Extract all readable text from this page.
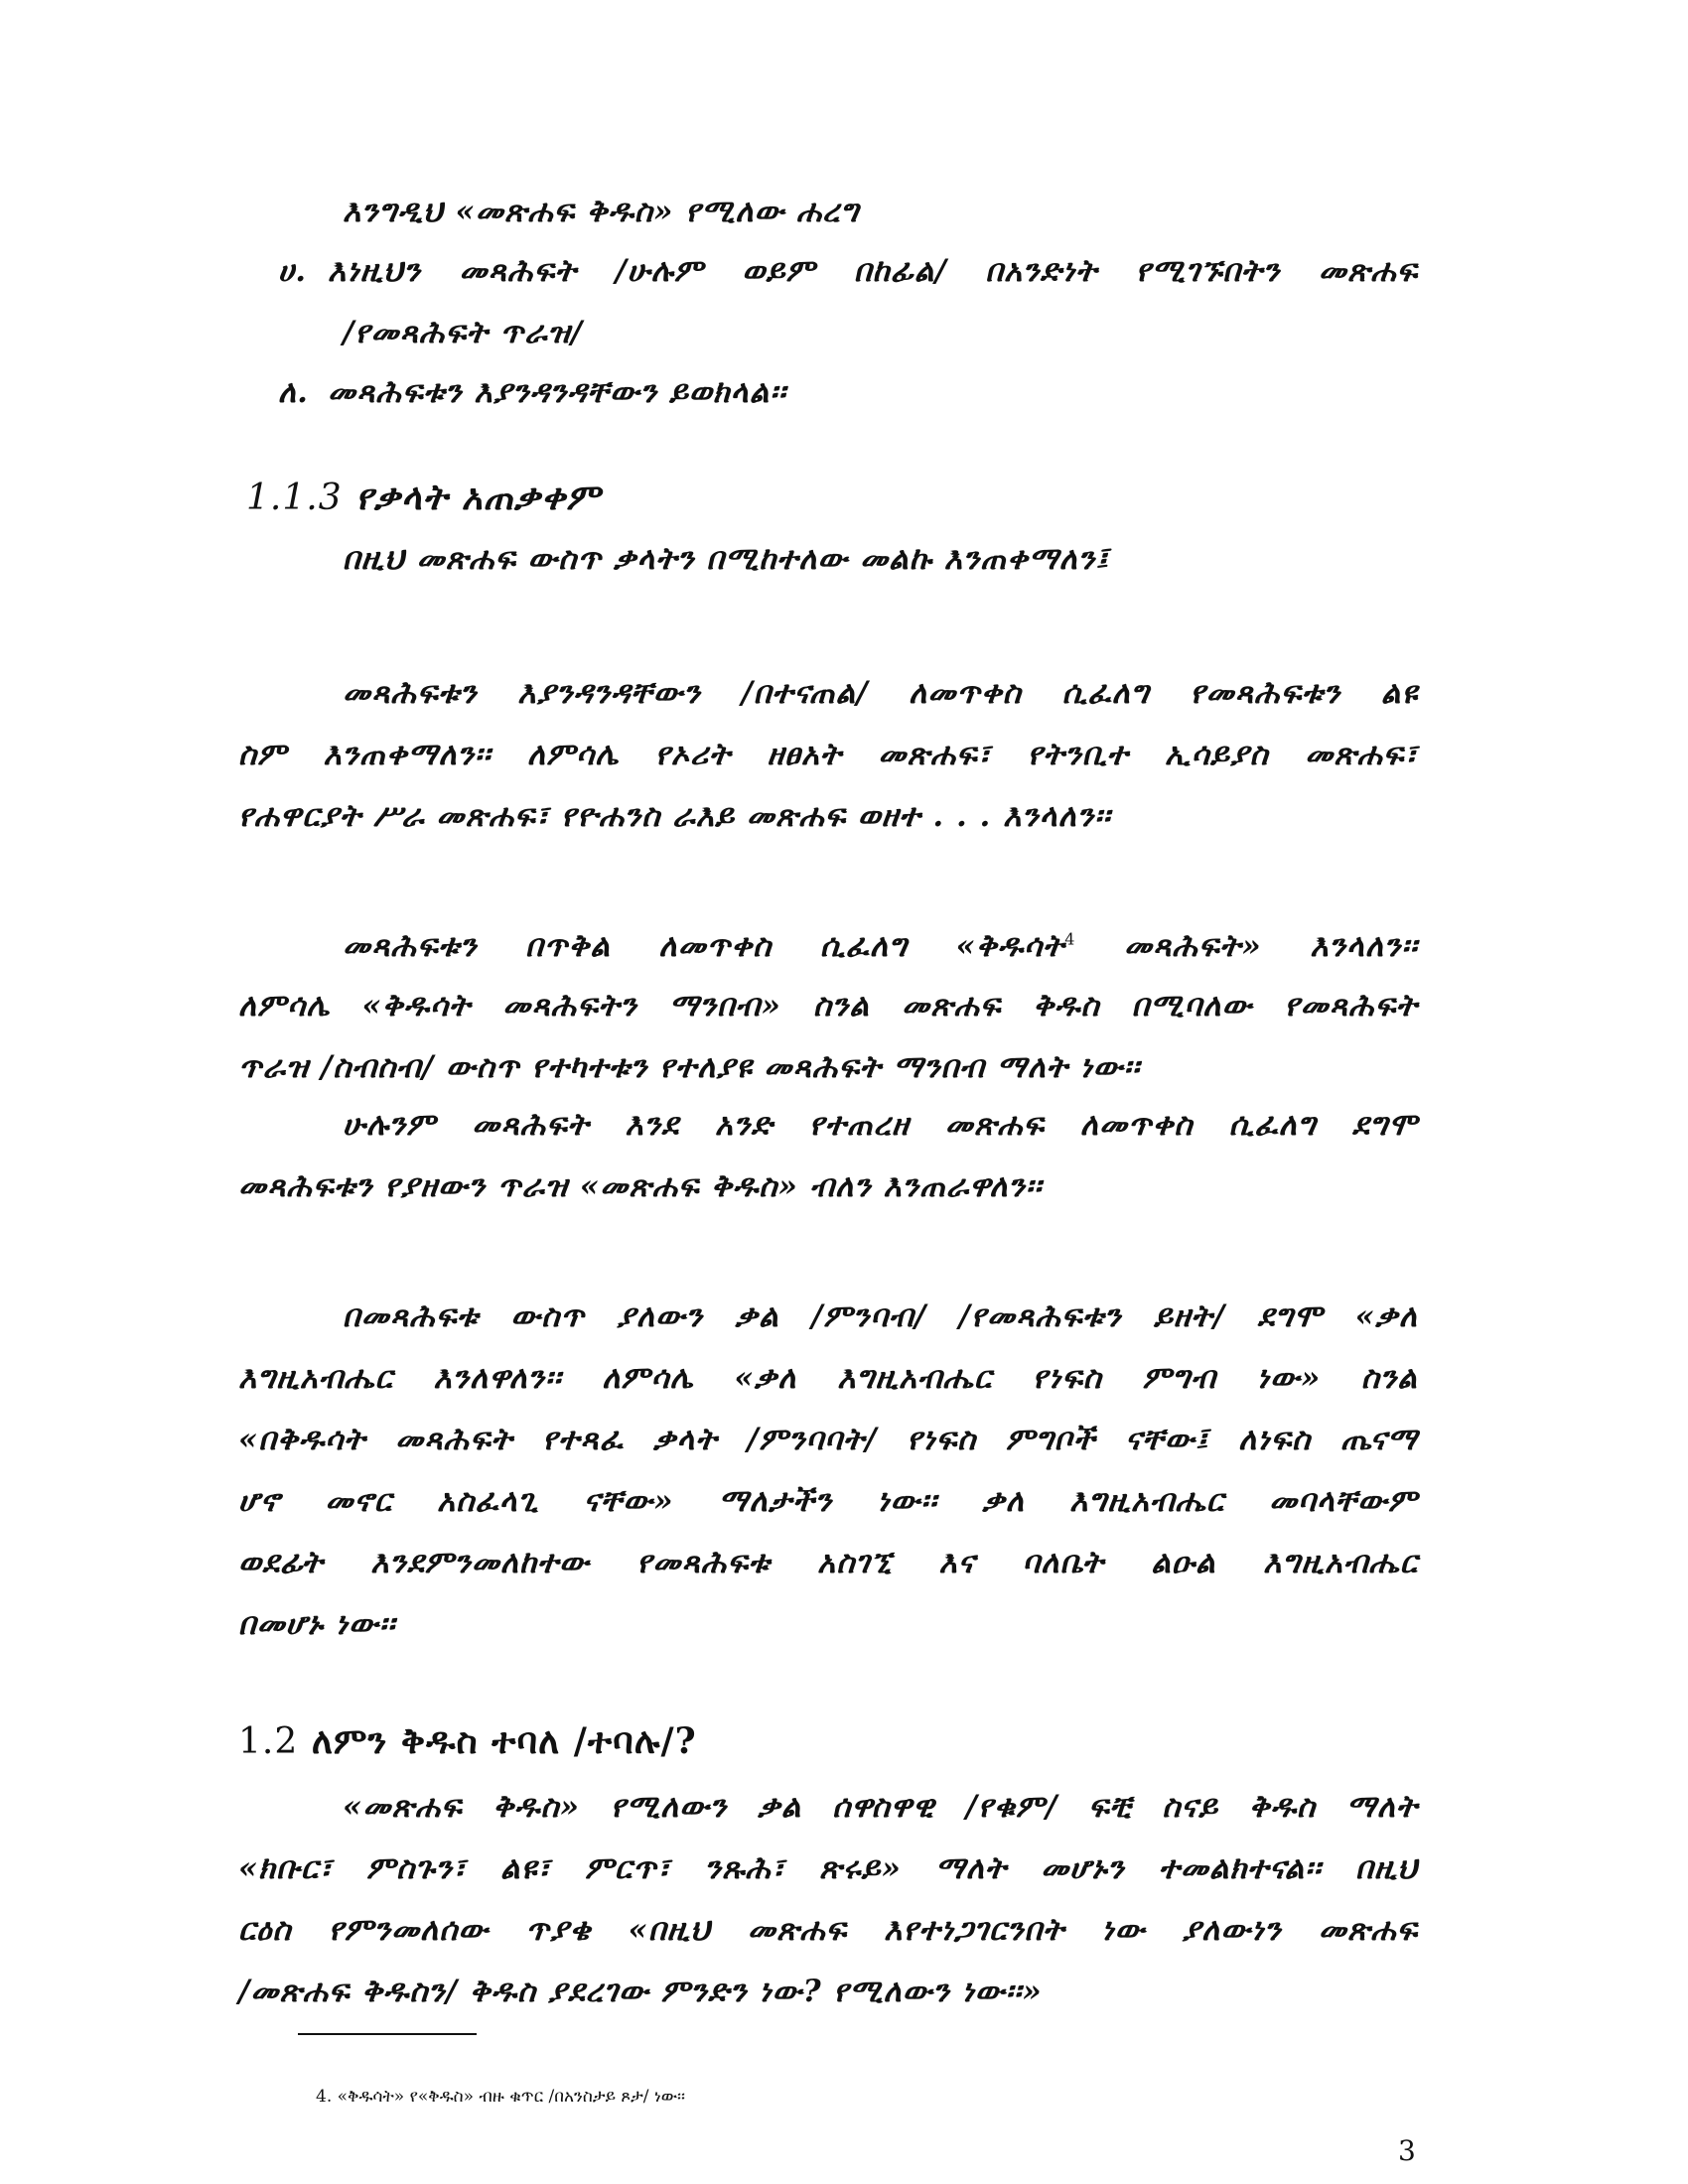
እንግዲህ «መጽሐፍ ቅዱስ» የሚለው ሐረግ

ሀ. እነዚህን መጻሕፍት /ሁሉም ወይም በከፊል/ በአንድነት የሚገኙበትን መጽሐፍ

/የመጻሕፍት ጥራዝ/

ለ. መጻሕፍቱን እያንዳንዳቸውን ይወክላል፡፡

1.1.3 የቃላት አጠቃቀም

በዚህ መጽሐፍ ውስጥ ቃላትን በሚከተለው መልኩ እንጠቀማለን፤

መጻሕፍቱን እያንዳንዳቸውን /በተናጠል/ ለመጥቀስ ሲፈለግ የመጻሕፍቱን ልዩ

ስም እንጠቀማለን፡፡ ለምሳሌ የኦሪት ዘፀአት መጽሐፍ፣ የትንቢተ ኢሳይያስ መጽሐፍ፣

የሐዋርያት ሥራ መጽሐፍ፣ የዮሐንስ ራእይ መጽሐፍ ወዘተ . . . እንላለን፡፡

መጻሕፍቱን በጥቅል ለመጥቀስ ሲፈለግ «ቅዱሳት$^4$ መጻሕፍት» እንላለን፡፡

ለምሳሌ «ቅዱሳት መጻሕፍትን ማንበብ» ስንል መጽሐፍ ቅዱስ በሚባለው የመጻሕፍት

ጥራዝ /ስብስብ/ ውስጥ የተካተቱን የተለያዩ መጻሕፍት ማንበብ ማለት ነው፡፡

ሁሉንም መጻሕፍት እንደ አንድ የተጠረዘ መጽሐፍ ለመጥቀስ ሲፈለግ ደግሞ

መጻሕፍቱን የያዘውን ጥራዝ «መጽሐፍ ቅዱስ» ብለን እንጠራዋለን፡፡

በመጻሕፍቱ ውስጥ ያለውን ቃል /ምንባብ/ /የመጻሕፍቱን ይዘት/ ደግሞ «ቃለ

እግዚአብሔር እንለዋለን፡፡ ለምሳሌ «ቃለ እግዚአብሔር የነፍስ ምግብ ነው» ስንል

«በቅዱሳት መጻሕፍት የተጻፈ ቃላት /ምንባባት/ የነፍስ ምግቦች ናቸው፤ ለነፍስ ጤናማ

ሆኖ መኖር አስፈላጊ ናቸው» ማለታችን ነው፡፡ ቃለ እግዚአብሔር መባላቸውም

ወደፊት እንደምንመለከተው የመጻሕፍቱ አስገኚ እና ባለቤት ልዑል እግዚአብሔር

በመሆኑ ነው፡፡

1.2 ለምን ቅዱስ ተባለ /ተባሉ/?

«መጽሐፍ ቅዱስ» የሚለውን ቃል ሰዋስዋዊ /የቁም/ ፍቺ ስናይ ቅዱስ ማለት

«ክቡር፣ ምስጉን፣ ልዩ፣ ምርጥ፣ ንጹሕ፣ ጽሩይ» ማለት መሆኑን ተመልክተናል፡፡ በዚህ

ርዕስ የምንመለሰው ጥያቄ «በዚህ መጽሐፍ እየተነጋገርንበት ነው ያለውነን መጽሐፍ

/መጽሐፍ ቅዱስን/ ቅዱስ ያደረገው ምንድን ነው? የሚለውን ነው፡፡»

4. «ቅዱሳት» የ«ቅዱስ» ብዙ ቁጥር /በአንስታይ ጾታ/ ነው፡፡
3
